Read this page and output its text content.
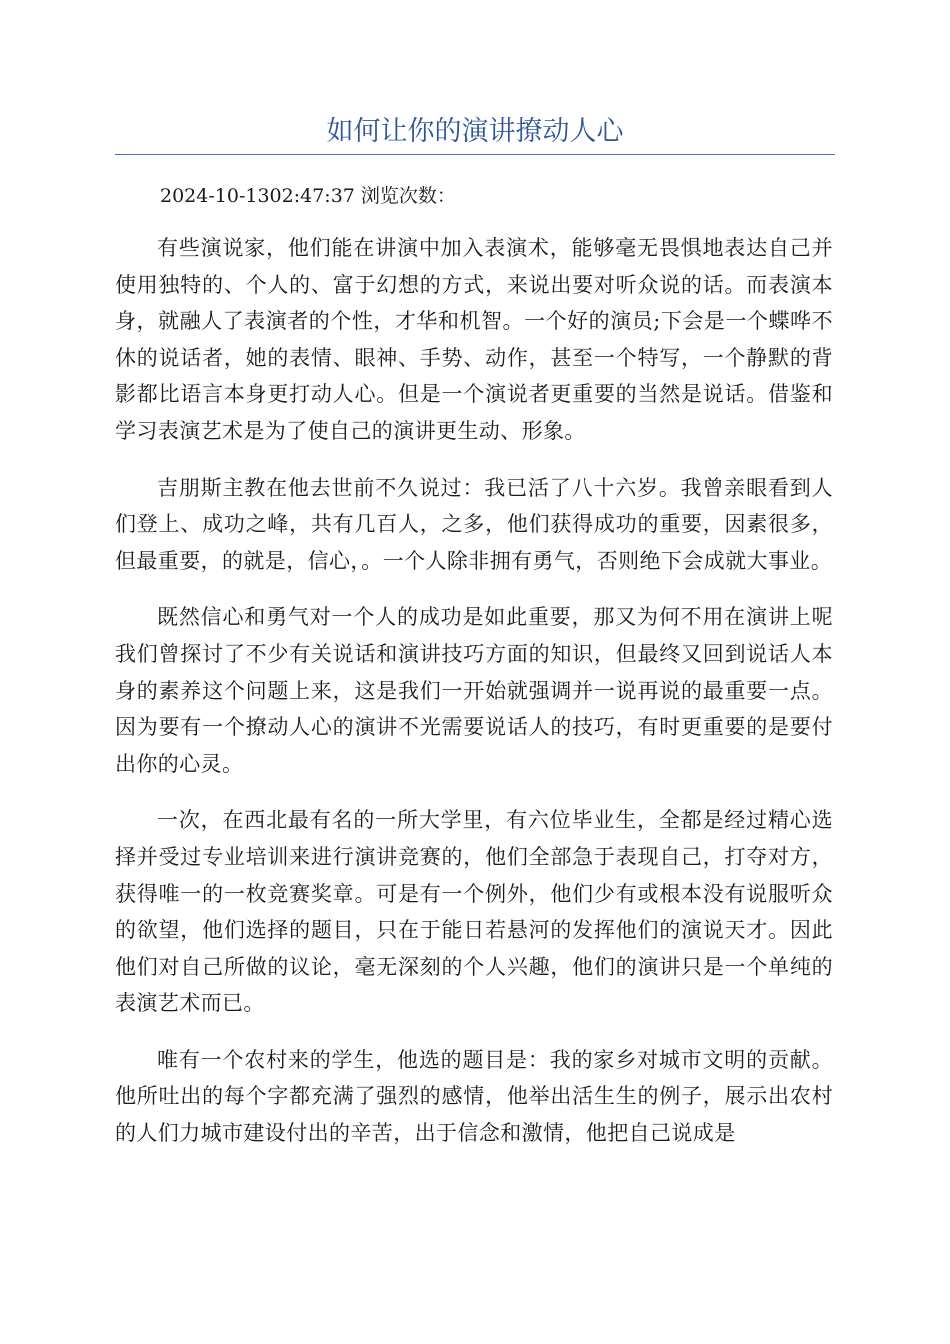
如何让你的演讲撩动人心
2024-10-1302:47:37 浏览次数：

有些演说家，他们能在讲演中加入表演术，能够毫无畏惧地表达自己并使用独特的、个人的、富于幻想的方式，来说出要对听众说的话。而表演本身，就融人了表演者的个性，才华和机智。一个好的演员;下会是一个蝶哗不休的说话者，她的表情、眼神、手势、动作，甚至一个特写，一个静默的背影都比语言本身更打动人心。但是一个演说者更重要的当然是说话。借鉴和学习表演艺术是为了使自己的演讲更生动、形象。

吉朋斯主教在他去世前不久说过：我已活了八十六岁。我曾亲眼看到人们登上、成功之峰，共有几百人，之多，他们获得成功的重要，因素很多，但最重要，的就是，信心，。一个人除非拥有勇气，否则绝下会成就大事业。

既然信心和勇气对一个人的成功是如此重要，那又为何不用在演讲上呢我们曾探讨了不少有关说话和演讲技巧方面的知识，但最终又回到说话人本身的素养这个问题上来，这是我们一开始就强调并一说再说的最重要一点。因为要有一个撩动人心的演讲不光需要说话人的技巧，有时更重要的是要付出你的心灵。

一次，在西北最有名的一所大学里，有六位毕业生，全都是经过精心选择并受过专业培训来进行演讲竞赛的，他们全部急于表现自己，打夺对方，获得唯一的一枚竞赛奖章。可是有一个例外，他们少有或根本没有说服听众的欲望，他们选择的题目，只在于能日若悬河的发挥他们的演说天才。因此他们对自己所做的议论，毫无深刻的个人兴趣，他们的演讲只是一个单纯的表演艺术而已。

唯有一个农村来的学生，他选的题目是：我的家乡对城市文明的贡献。他所吐出的每个字都充满了强烈的感情，他举出活生生的例子，展示出农村的人们力城市建设付出的辛苦，出于信念和激情，他把自己说成是
